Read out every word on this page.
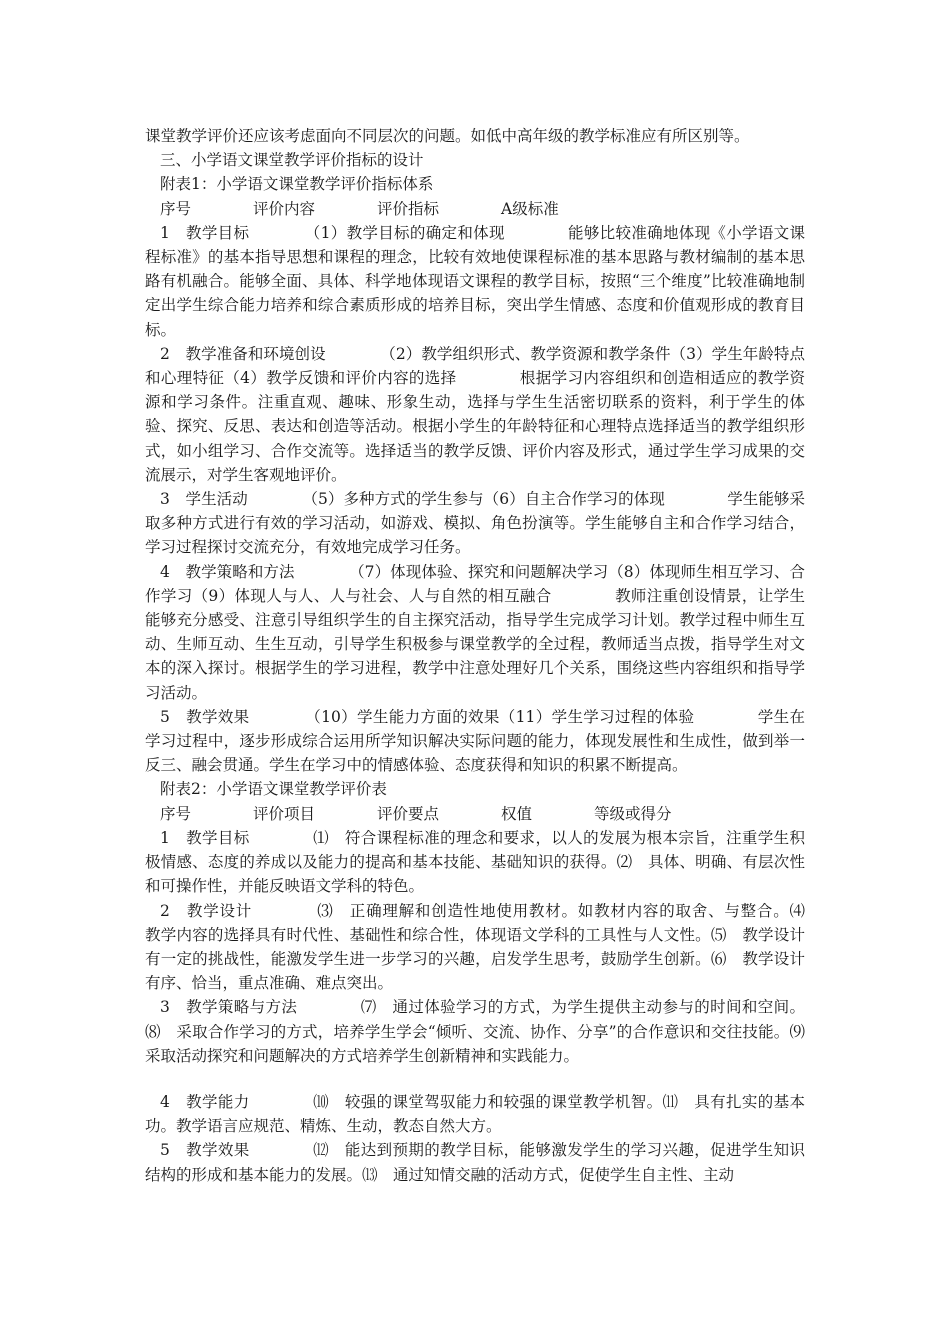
课堂教学评价还应该考虑面向不同层次的问题。如低中高年级的教学标准应有所区别等。

三、小学语文课堂教学评价指标的设计

附表1：小学语文课堂教学评价指标体系

序号　　　　评价内容　　　　评价指标　　　　A级标准

1　教学目标　　　　（1）教学目标的确定和体现　　　　能够比较准确地体现《小学语文课程标准》的基本指导思想和课程的理念，比较有效地使课程标准的基本思路与教材编制的基本思路有机融合。能够全面、具体、科学地体现语文课程的教学目标，按照“三个维度”比较准确地制定出学生综合能力培养和综合素质形成的培养目标，突出学生情感、态度和价值观形成的教育目标。

2　教学准备和环境创设　　　　（2）教学组织形式、教学资源和教学条件（3）学生年龄特点和心理特征（4）教学反馈和评价内容的选择　　　　根据学习内容组织和创造相适应的教学资源和学习条件。注重直观、趣味、形象生动，选择与学生生活密切联系的资料，利于学生的体验、探究、反思、表达和创造等活动。根据小学生的年龄特征和心理特点选择适当的教学组织形式，如小组学习、合作交流等。选择适当的教学反馈、评价内容及形式，通过学生学习成果的交流展示，对学生客观地评价。

3　学生活动　　　　（5）多种方式的学生参与（6）自主合作学习的体现　　　　学生能够采取多种方式进行有效的学习活动，如游戏、模拟、角色扮演等。学生能够自主和合作学习结合，学习过程探讨交流充分，有效地完成学习任务。

4　教学策略和方法　　　　（7）体现体验、探究和问题解决学习（8）体现师生相互学习、合作学习（9）体现人与人、人与社会、人与自然的相互融合　　　　教师注重创设情景，让学生能够充分感受、注意引导组织学生的自主探究活动，指导学生完成学习计划。教学过程中师生互动、生师互动、生生互动，引导学生积极参与课堂教学的全过程，教师适当点拨，指导学生对文本的深入探讨。根据学生的学习进程，教学中注意处理好几个关系，围绕这些内容组织和指导学习活动。

5　教学效果　　　　（10）学生能力方面的效果（11）学生学习过程的体验　　　　学生在学习过程中，逐步形成综合运用所学知识解决实际问题的能力，体现发展性和生成性，做到举一反三、融会贯通。学生在学习中的情感体验、态度获得和知识的积累不断提高。

附表2：小学语文课堂教学评价表

序号　　　　评价项目　　　　评价要点　　　　权值　　　　等级或得分

1　教学目标　　　　⑴　符合课程标准的理念和要求，以人的发展为根本宗旨，注重学生积极情感、态度的养成以及能力的提高和基本技能、基础知识的获得。⑵　具体、明确、有层次性和可操作性，并能反映语文学科的特色。

2　教学设计　　　　⑶　正确理解和创造性地使用教材。如教材内容的取舍、与整合。⑷　教学内容的选择具有时代性、基础性和综合性，体现语文学科的工具性与人文性。⑸　教学设计有一定的挑战性，能激发学生进一步学习的兴趣，启发学生思考，鼓励学生创新。⑹　教学设计有序、恰当，重点准确、难点突出。

3　教学策略与方法　　　　⑺　通过体验学习的方式，为学生提供主动参与的时间和空间。⑻　采取合作学习的方式，培养学生学会“倾听、交流、协作、分享”的合作意识和交往技能。⑼　采取活动探究和问题解决的方式培养学生创新精神和实践能力。

4　教学能力　　　　⑽　较强的课堂驾驭能力和较强的课堂教学机智。⑾　具有扎实的基本功。教学语言应规范、精炼、生动，教态自然大方。

5　教学效果　　　　⑿　能达到预期的教学目标，能够激发学生的学习兴趣，促进学生知识结构的形成和基本能力的发展。⒀　通过知情交融的活动方式，促使学生自主性、主动
